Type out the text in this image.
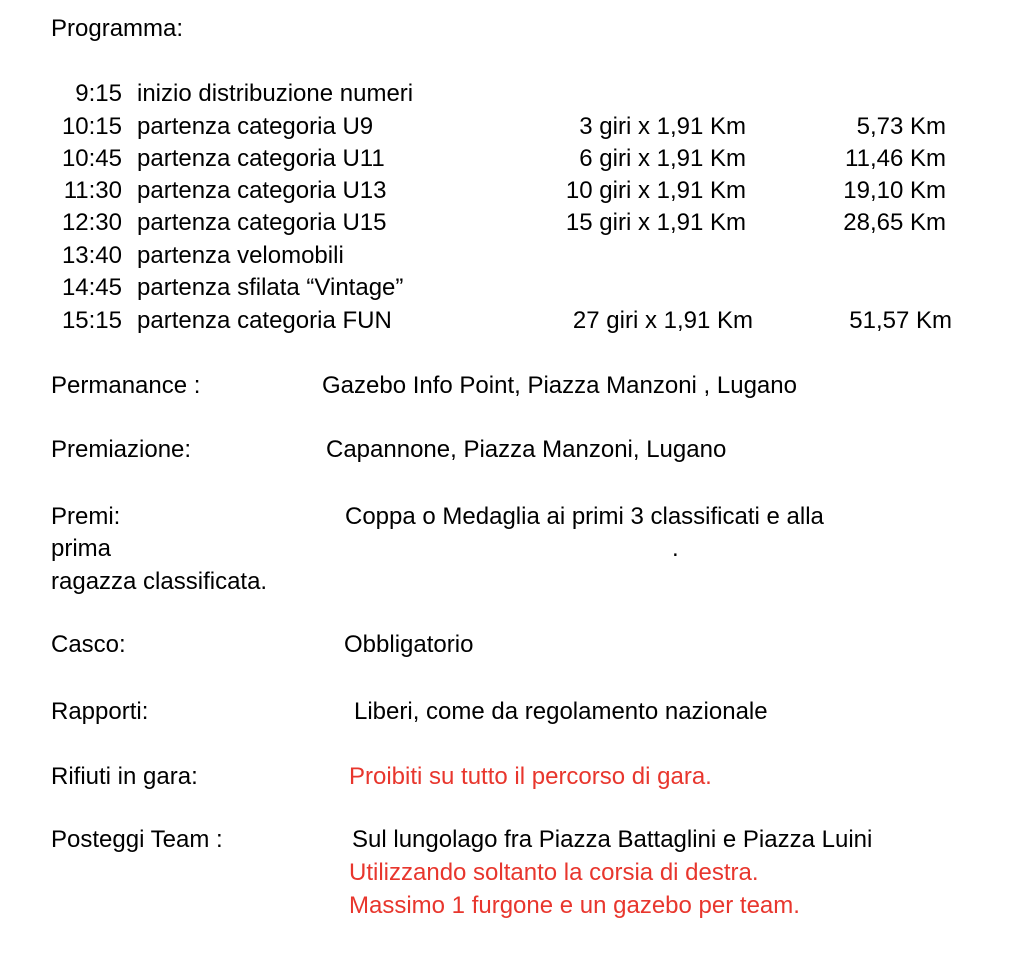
Programma:
9:15 inizio distribuzione numeri
10:15 partenza categoria U9	3 giri x 1,91 Km	5,73 Km
10:45 partenza categoria U11	6 giri x 1,91 Km	11,46 Km
11:30 partenza categoria U13	10 giri x 1,91 Km	19,10 Km
12:30 partenza categoria U15	15 giri x 1,91 Km	28,65 Km
13:40 partenza velomobili
14:45 partenza sfilata “Vintage”
15:15 partenza categoria FUN	27 giri x 1,91 Km	51,57 Km
Permanance :	Gazebo Info Point, Piazza Manzoni , Lugano
Premiazione:	Capannone, Piazza Manzoni, Lugano
Premi:	Coppa o Medaglia ai primi 3 classificati e alla
prima	.
ragazza classificata.
Casco:	Obbligatorio
Rapporti:	Liberi, come da regolamento nazionale
Rifiuti in gara:	Proibiti su tutto il percorso di gara.
Posteggi Team :	Sul lungolago fra Piazza Battaglini e Piazza Luini
Utilizzando soltanto la corsia di destra.
Massimo 1 furgone e un gazebo per team.
